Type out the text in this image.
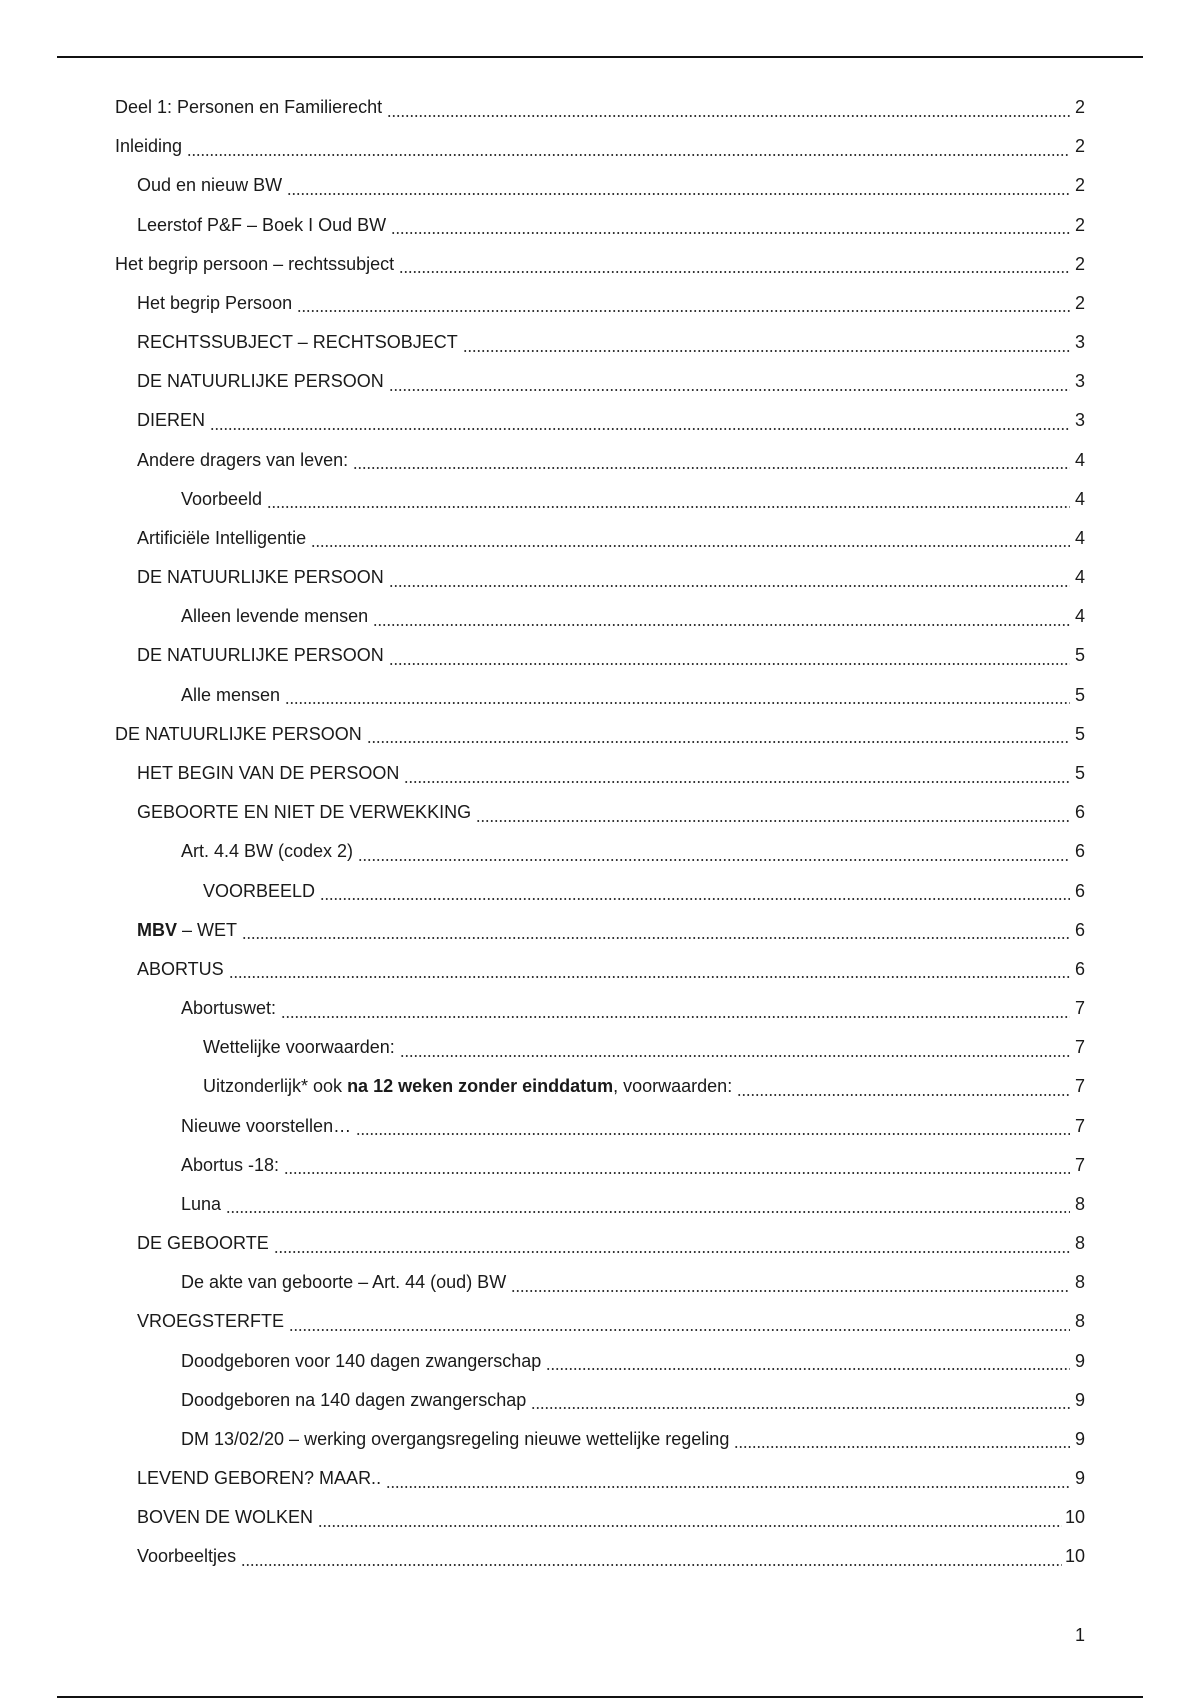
Deel 1: Personen en Familierecht	2
Inleiding	2
Oud en nieuw BW	2
Leerstof P&F – Boek I Oud BW	2
Het begrip persoon – rechtssubject	2
Het begrip Persoon	2
RECHTSSUBJECT – RECHTSOBJECT	3
DE NATUURLIJKE PERSOON	3
DIEREN	3
Andere dragers van leven:	4
Voorbeeld	4
Artificiële Intelligentie	4
DE NATUURLIJKE PERSOON	4
Alleen levende mensen	4
DE NATUURLIJKE PERSOON	5
Alle mensen	5
DE NATUURLIJKE PERSOON	5
HET BEGIN VAN DE PERSOON	5
GEBOORTE EN NIET DE VERWEKKING	6
Art. 4.4 BW (codex 2)	6
VOORBEELD	6
MBV – WET	6
ABORTUS	6
Abortuswet:	7
Wettelijke voorwaarden:	7
Uitzonderlijk* ook na 12 weken zonder einddatum, voorwaarden:	7
Nieuwe voorstellen…	7
Abortus -18:	7
Luna	8
DE GEBOORTE	8
De akte van geboorte – Art. 44 (oud) BW	8
VROEGSTERFTE	8
Doodgeboren voor 140 dagen zwangerschap	9
Doodgeboren na 140 dagen zwangerschap	9
DM 13/02/20 – werking overgangsregeling nieuwe wettelijke regeling	9
LEVEND GEBOREN? MAAR..	9
BOVEN DE WOLKEN	10
Voorbeeltjes	10
1
